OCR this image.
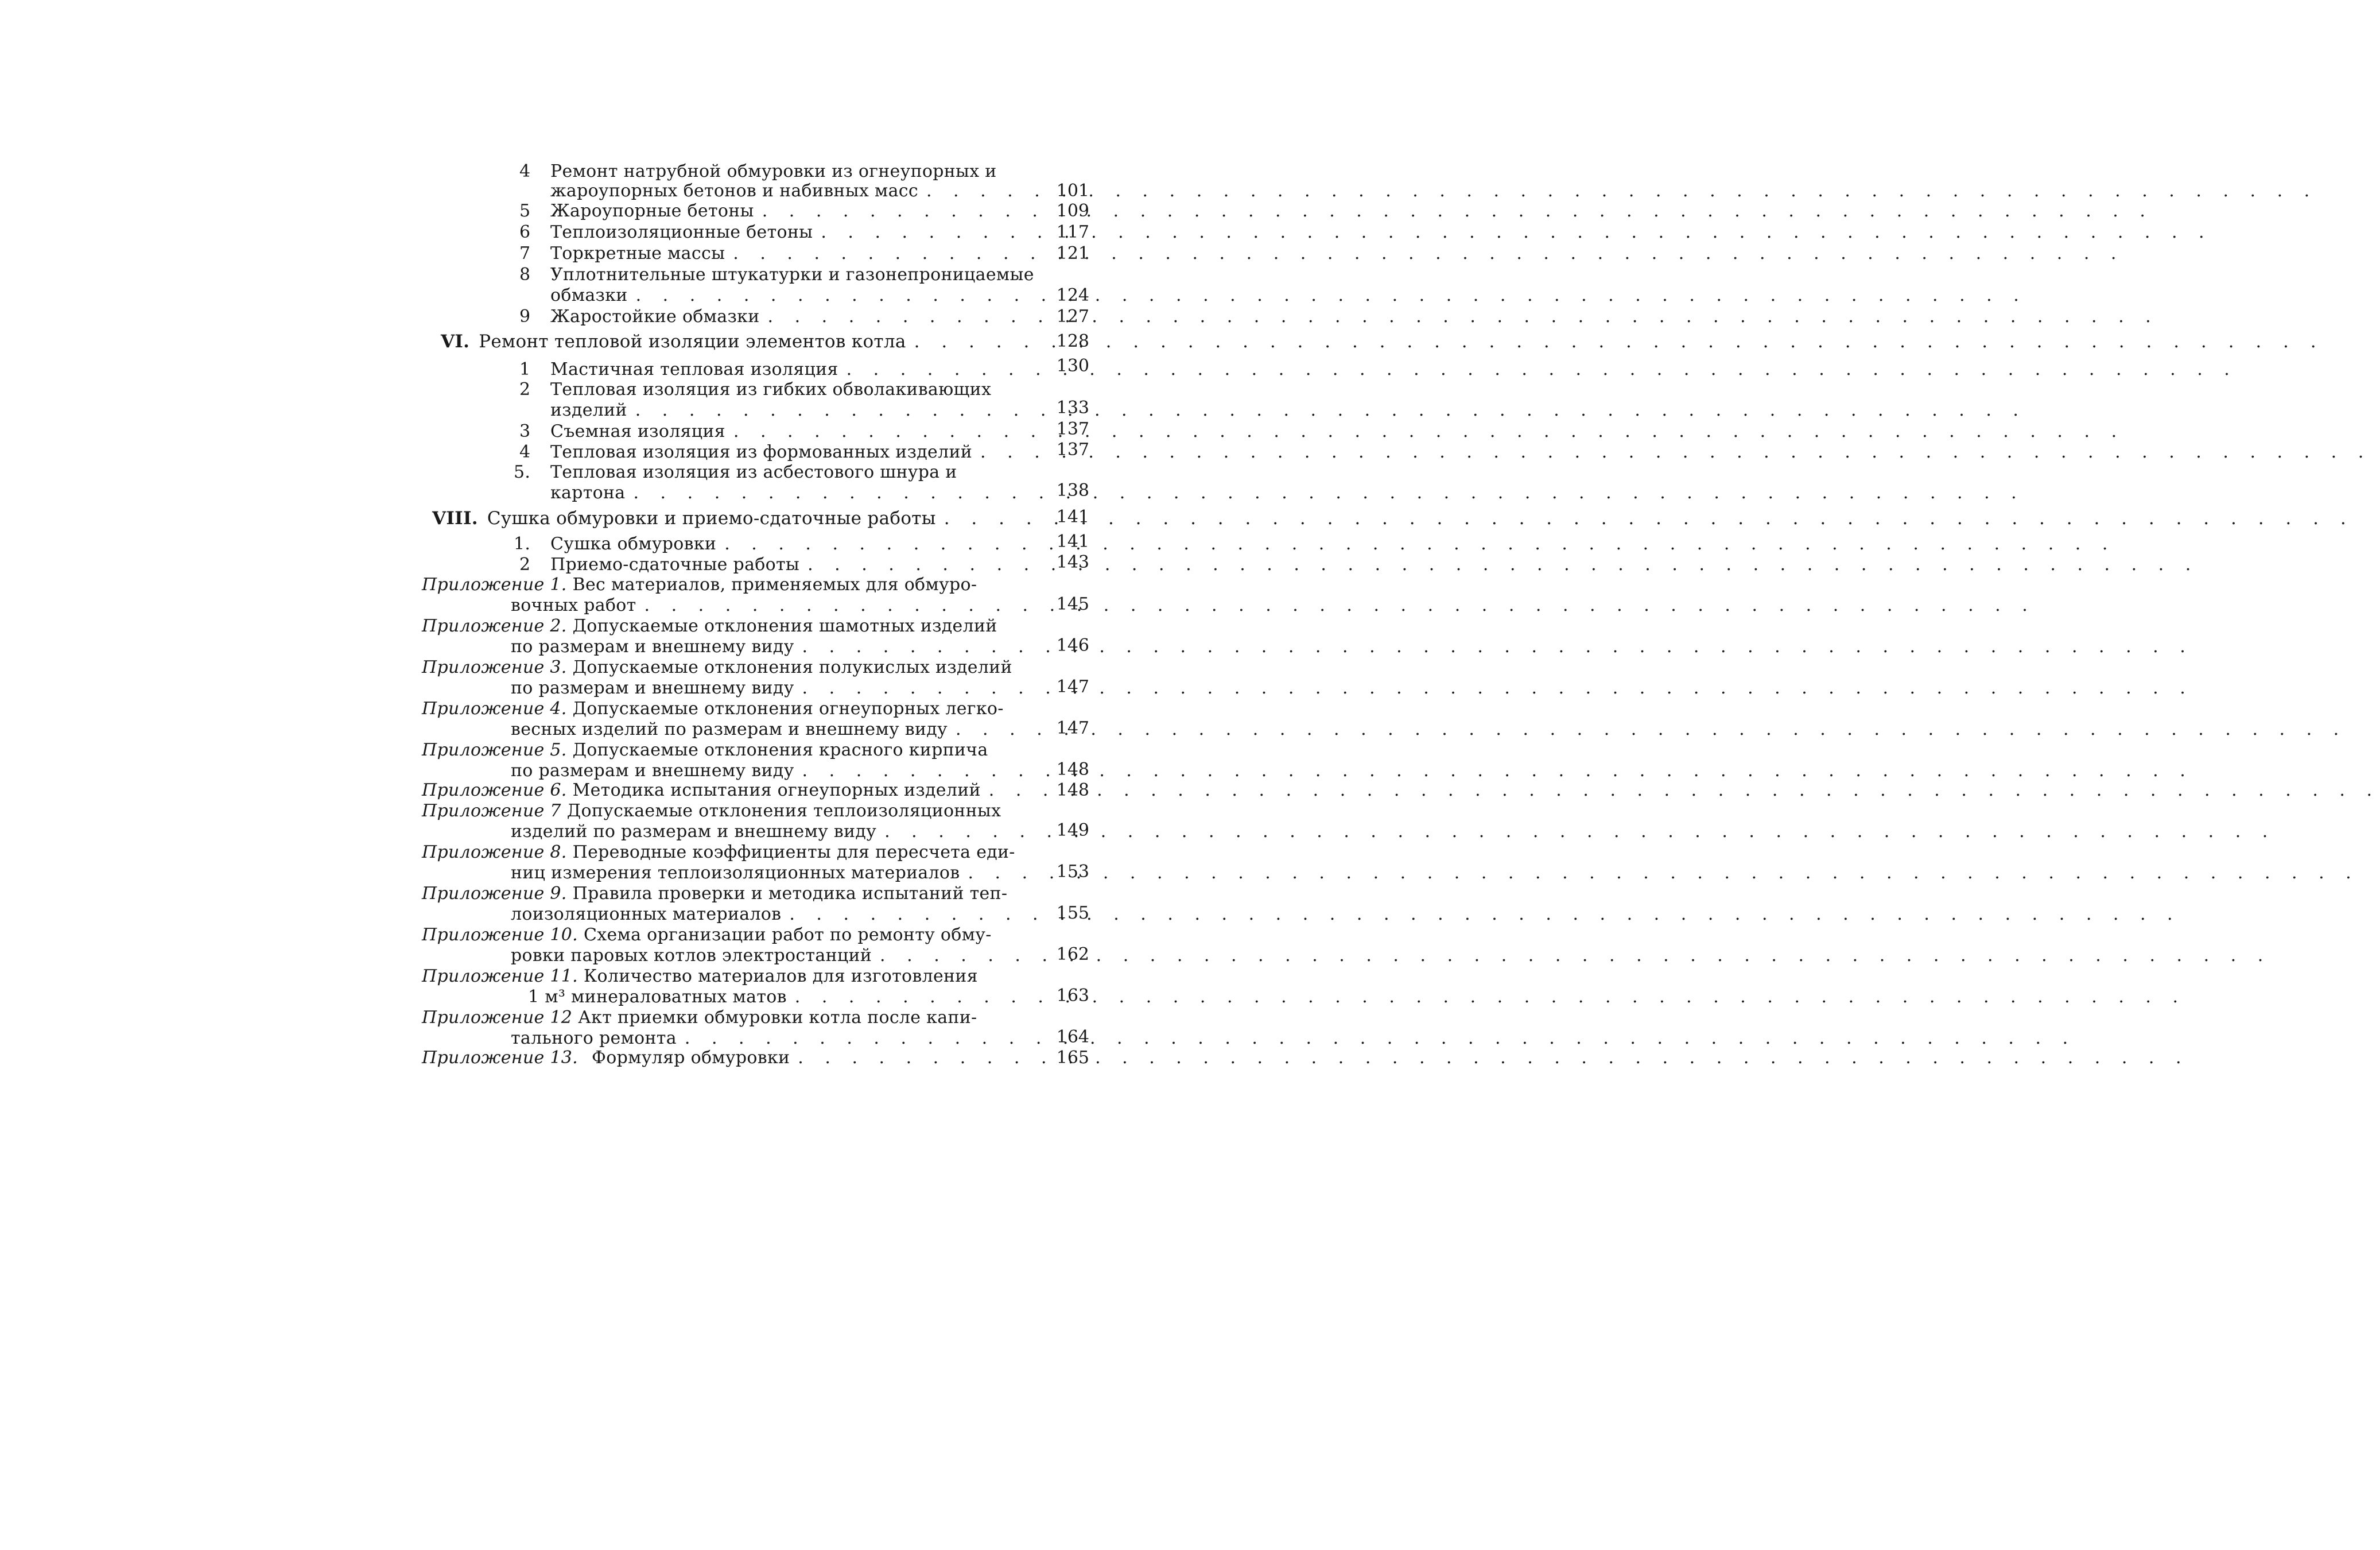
4	Ремонт натрубной обмуровки из огнеупорных и
жароупорных бетонов и набивных масс . . .	101
5	Жароупорные бетоны . . .	109
6	Теплоизоляционные бетоны . . .	117
7	Торкретные массы . . .	121
8	Уплотнительные штукатурки и газонепроницаемые
обмазки . . .	124
9	Жаростойкие обмазки . . .	127
VI. Ремонт тепловой изоляции элементов котла . . .	128
1	Мастичная тепловая изоляция . . .	130
2	Тепловая изоляция из гибких обволакивающих
изделий . . .	133
3	Съемная изоляция . . .	137
4	Тепловая изоляция из формованных изделий . . .	137
5.	Тепловая изоляция из асбестового шнура и
картона . . .	138
VIII. Сушка обмуровки и приемо-сдаточные работы . . .	141
1.	Сушка обмуровки . . .	141
2	Приемо-сдаточные работы . . .	143
Приложение 1. Вес материалов, применяемых для обмуро-
вочных работ . . .	145
Приложение 2. Допускаемые отклонения шамотных изделий
по размерам и внешнему виду . . .	146
Приложение 3. Допускаемые отклонения полукислых изделий
по размерам и внешнему виду . . .	147
Приложение 4. Допускаемые отклонения огнеупорных легко-
весных изделий по размерам и внешнему виду . . .	147
Приложение 5. Допускаемые отклонения красного кирпича
по размерам и внешнему виду . . .	148
Приложение 6. Методика испытания огнеупорных изделий . . .	148
Приложение 7 Допускаемые отклонения теплоизоляционных
изделий по размерам и внешнему виду . . .	149
Приложение 8. Переводные коэффициенты для пересчета еди-
ниц измерения теплоизоляционных материалов . . .	153
Приложение 9. Правила проверки и методика испытаний теп-
лоизоляционных материалов . . .	155
Приложение 10. Схема организации работ по ремонту обму-
ровки паровых котлов электростанций . . .	162
Приложение 11. Количество материалов для изготовления
1 м³ минераловатных матов . . .	163
Приложение 12 Акт приемки обмуровки котла после капи-
тального ремонта . . .	164
Приложение 13. Формуляр обмуровки . . .	165
